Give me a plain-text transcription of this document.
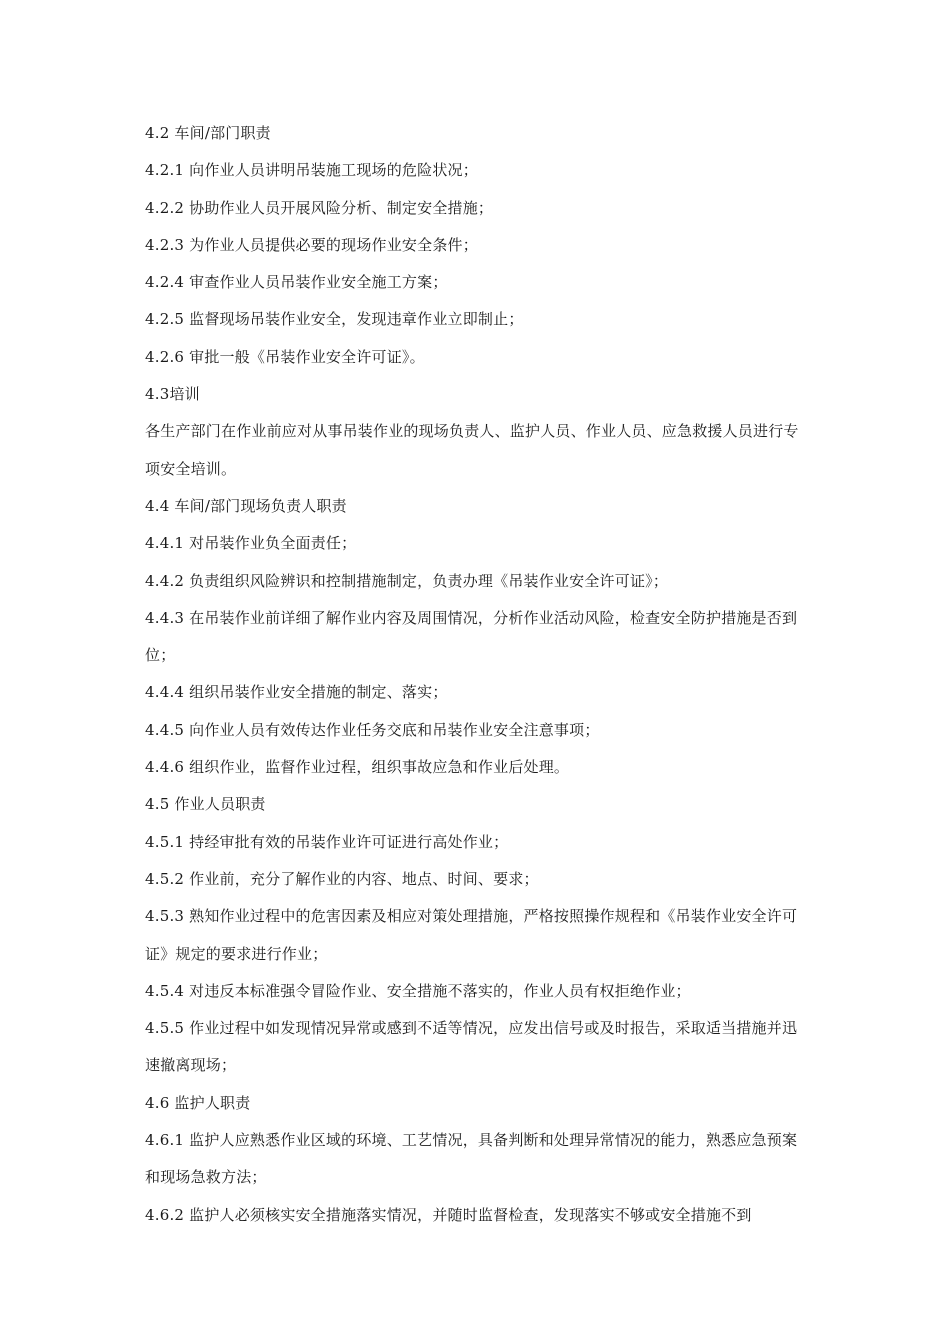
4.2 车间/部门职责

4.2.1 向作业人员讲明吊装施工现场的危险状况；

4.2.2 协助作业人员开展风险分析、制定安全措施；

4.2.3 为作业人员提供必要的现场作业安全条件；

4.2.4 审查作业人员吊装作业安全施工方案；

4.2.5 监督现场吊装作业安全，发现违章作业立即制止；

4.2.6 审批一般《吊装作业安全许可证》。

4.3培训

各生产部门在作业前应对从事吊装作业的现场负责人、监护人员、作业人员、应急救援人员进行专项安全培训。

4.4 车间/部门现场负责人职责

4.4.1 对吊装作业负全面责任；

4.4.2 负责组织风险辨识和控制措施制定，负责办理《吊装作业安全许可证》；

4.4.3 在吊装作业前详细了解作业内容及周围情况，分析作业活动风险，检查安全防护措施是否到位；

4.4.4 组织吊装作业安全措施的制定、落实；

4.4.5 向作业人员有效传达作业任务交底和吊装作业安全注意事项；

4.4.6 组织作业，监督作业过程，组织事故应急和作业后处理。

4.5 作业人员职责

4.5.1 持经审批有效的吊装作业许可证进行高处作业；

4.5.2 作业前，充分了解作业的内容、地点、时间、要求；

4.5.3 熟知作业过程中的危害因素及相应对策处理措施，严格按照操作规程和《吊装作业安全许可证》规定的要求进行作业；

4.5.4 对违反本标准强令冒险作业、安全措施不落实的，作业人员有权拒绝作业；

4.5.5 作业过程中如发现情况异常或感到不适等情况，应发出信号或及时报告，采取适当措施并迅速撤离现场；

4.6 监护人职责

4.6.1 监护人应熟悉作业区域的环境、工艺情况，具备判断和处理异常情况的能力，熟悉应急预案和现场急救方法；

4.6.2 监护人必须核实安全措施落实情况，并随时监督检查，发现落实不够或安全措施不到
